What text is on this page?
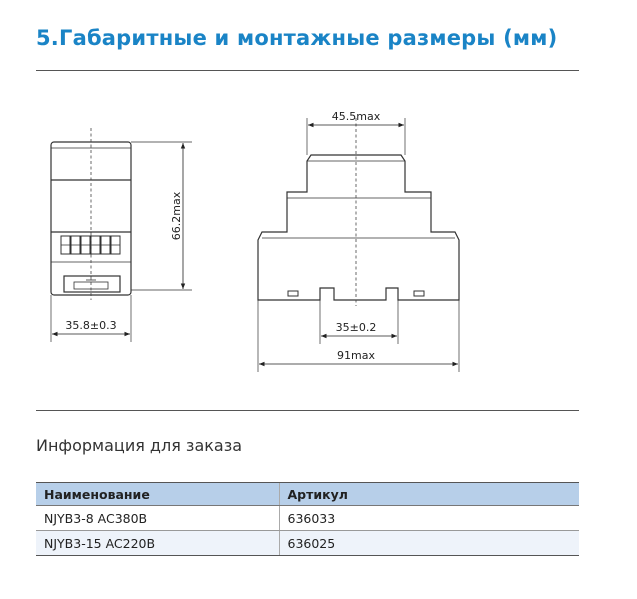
5.Габаритные и монтажные размеры (мм)
66.2max
35.8±0.3
45.5max
35±0.2
91max
Информация для заказа
Наименование	Артикул
NJYB3-8 AC380B	636033
NJYB3-15 AC220B	636025
